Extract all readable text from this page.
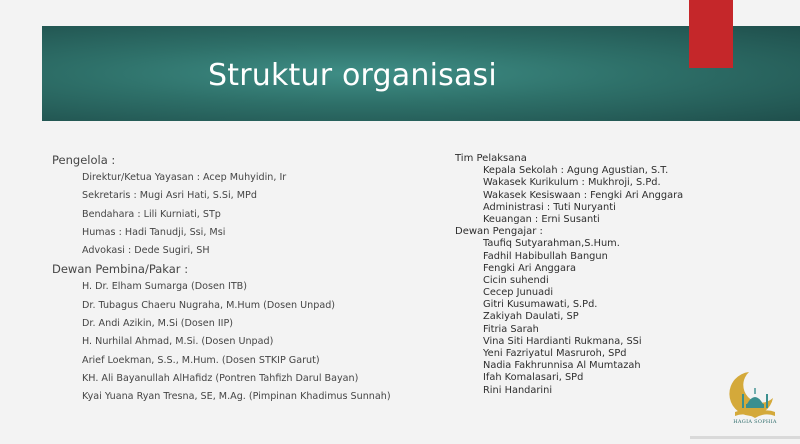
Struktur organisasi
Pengelola :
Direktur/Ketua Yayasan : Acep Muhyidin, Ir
Sekretaris : Mugi Asri Hati, S.Si, MPd
Bendahara : Lili Kurniati, STp
Humas : Hadi Tanudji, Ssi, Msi
Advokasi : Dede Sugiri, SH
Dewan Pembina/Pakar :
H. Dr. Elham Sumarga (Dosen ITB)
Dr. Tubagus Chaeru Nugraha, M.Hum (Dosen Unpad)
Dr. Andi Azikin, M.Si (Dosen IIP)
H. Nurhilal Ahmad, M.Si. (Dosen Unpad)
Arief Loekman, S.S., M.Hum. (Dosen STKIP Garut)
KH. Ali Bayanullah AlHafidz (Pontren Tahfizh Darul Bayan)
Kyai Yuana Ryan Tresna, SE, M.Ag. (Pimpinan Khadimus Sunnah)
Tim Pelaksana
Kepala Sekolah : Agung Agustian, S.T.
Wakasek Kurikulum : Mukhroji, S.Pd.
Wakasek Kesiswaan : Fengki Ari Anggara
Administrasi : Tuti Nuryanti
Keuangan : Erni Susanti
Dewan Pengajar :
Taufiq Sutyarahman,S.Hum.
Fadhil Habibullah Bangun
Fengki Ari Anggara
Cicin suhendi
Cecep Junuadi
Gitri Kusumawati, S.Pd.
Zakiyah Daulati, SP
Fitria Sarah
Vina Siti Hardianti Rukmana, SSi
Yeni Fazriyatul Masruroh, SPd
Nadia Fakhrunnisa Al Mumtazah
Ifah Komalasari, SPd
Rini Handarini
HAGIA SOPHIA
